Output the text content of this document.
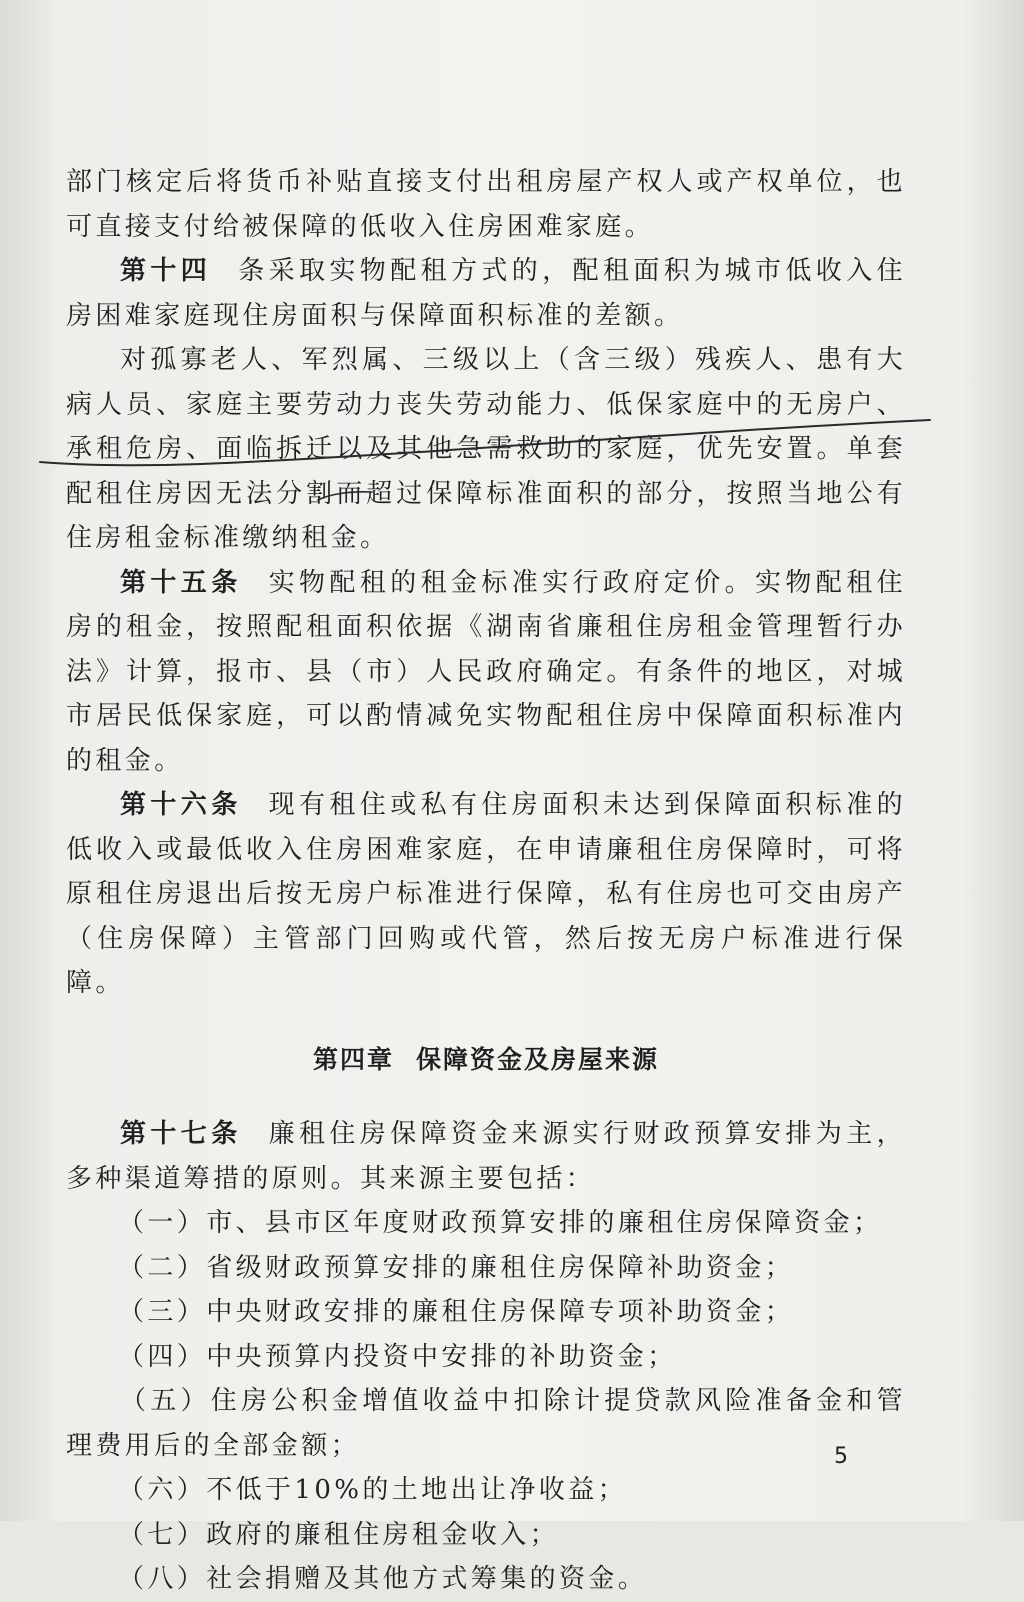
部门核定后将货币补贴直接支付出租房屋产权人或产权单位，也可直接支付给被保障的低收入住房困难家庭。

第十四 条采取实物配租方式的，配租面积为城市低收入住房困难家庭现住房面积与保障面积标准的差额。

对孤寡老人、军烈属、三级以上（含三级）残疾人、患有大病人员、家庭主要劳动力丧失劳动能力、低保家庭中的无房户、承租危房、面临拆迁以及其他急需救助的家庭，优先安置。单套配租住房因无法分割而超过保障标准面积的部分，按照当地公有住房租金标准缴纳租金。

第十五条 实物配租的租金标准实行政府定价。实物配租住房的租金，按照配租面积依据《湖南省廉租住房租金管理暂行办法》计算，报市、县（市）人民政府确定。有条件的地区，对城市居民低保家庭，可以酌情减免实物配租住房中保障面积标准内的租金。

第十六条 现有租住或私有住房面积未达到保障面积标准的低收入或最低收入住房困难家庭，在申请廉租住房保障时，可将原租住房退出后按无房户标准进行保障，私有住房也可交由房产（住房保障）主管部门回购或代管，然后按无房户标准进行保障。

第四章 保障资金及房屋来源

第十七条 廉租住房保障资金来源实行财政预算安排为主，多种渠道筹措的原则。其来源主要包括：

（一）市、县市区年度财政预算安排的廉租住房保障资金；

（二）省级财政预算安排的廉租住房保障补助资金；

（三）中央财政安排的廉租住房保障专项补助资金；

（四）中央预算内投资中安排的补助资金；

（五）住房公积金增值收益中扣除计提贷款风险准备金和管理费用后的全部金额；

（六）不低于10%的土地出让净收益；

（七）政府的廉租住房租金收入；

（八）社会捐赠及其他方式筹集的资金。

5
